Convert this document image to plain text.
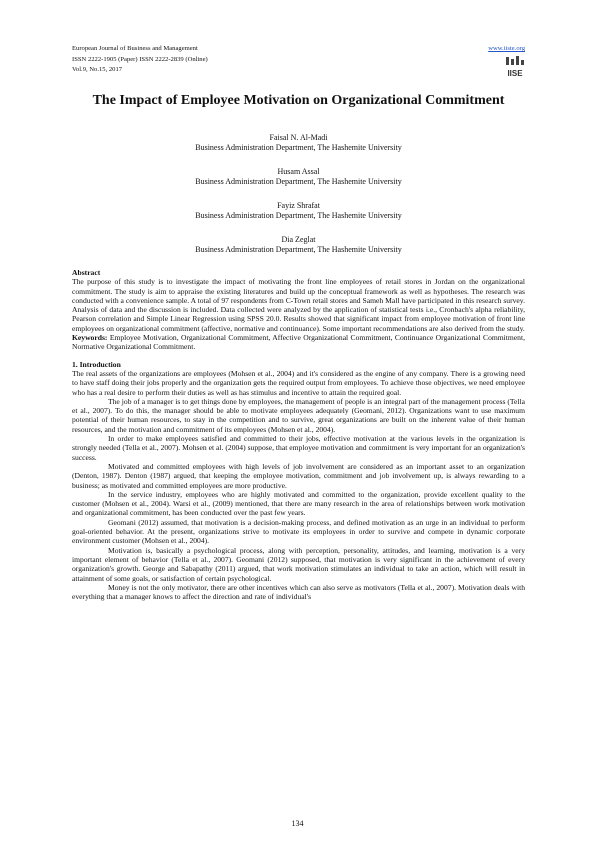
European Journal of Business and Management
ISSN 2222-1905 (Paper) ISSN 2222-2839 (Online)
Vol.9, No.15, 2017
www.iiste.org
IISE
The Impact of Employee Motivation on Organizational Commitment
Faisal N. Al-Madi
Business Administration Department, The Hashemite University
Husam Assal
Business Administration Department, The Hashemite University
Fayiz Shrafat
Business Administration Department, The Hashemite University
Dia Zeglat
Business Administration Department, The Hashemite University

Abstract

The purpose of this study is to investigate the impact of motivating the front line employees of retail stores in Jordan on the organizational commitment. The study is aim to appraise the existing literatures and build up the conceptual framework as well as hypotheses. The research was conducted with a convenience sample. A total of 97 respondents from C-Town retail stores and Sameh Mall have participated in this research survey. Analysis of data and the discussion is included. Data collected were analyzed by the application of statistical tests i.e., Cronbach's alpha reliability, Pearson correlation and Simple Linear Regression using SPSS 20.0. Results showed that significant impact from employee motivation of front line employees on organizational commitment (affective, normative and continuance). Some important recommendations are also derived from the study.

Keywords: Employee Motivation, Organizational Commitment, Affective Organizational Commitment, Continuance Organizational Commitment, Normative Organizational Commitment.

1. Introduction

The real assets of the organizations are employees (Mohsen et al., 2004) and it's considered as the engine of any company. There is a growing need to have staff doing their jobs properly and the organization gets the required output from employees. To achieve those objectives, we need employee who has a real desire to perform their duties as well as has stimulus and incentive to attain the required goal.

The job of a manager is to get things done by employees, the management of people is an integral part of the management process (Tella et al., 2007). To do this, the manager should be able to motivate employees adequately (Geomani, 2012). Organizations want to use maximum potential of their human resources, to stay in the competition and to survive, great organizations are built on the inherent value of their human resources, and the motivation and commitment of its employees (Mohsen et al., 2004).

In order to make employees satisfied and committed to their jobs, effective motivation at the various levels in the organization is strongly needed (Tella et al., 2007). Mohsen et al. (2004) suppose, that employee motivation and commitment is very important for an organization's success.

Motivated and committed employees with high levels of job involvement are considered as an important asset to an organization (Denton, 1987). Denton (1987) argued, that keeping the employee motivation, commitment and job involvement up, is always rewarding to a business; as motivated and committed employees are more productive.

In the service industry, employees who are highly motivated and committed to the organization, provide excellent quality to the customer (Mohsen et al., 2004). Warsi et al., (2009) mentioned, that there are many research in the area of relationships between work motivation and organizational commitment, has been conducted over the past few years.

Geomani (2012) assumed, that motivation is a decision-making process, and defined motivation as an urge in an individual to perform goal-oriented behavior. At the present, organizations strive to motivate its employees in order to survive and compete in dynamic corporate environment customer (Mohsen et al., 2004).

Motivation is, basically a psychological process, along with perception, personality, attitudes, and learning, motivation is a very important element of behavior (Tella et al., 2007). Geomani (2012) supposed, that motivation is very significant in the achievement of every organization's growth. George and Sabapathy (2011) argued, that work motivation stimulates an individual to take an action, which will result in attainment of some goals, or satisfaction of certain psychological.

Money is not the only motivator, there are other incentives which can also serve as motivators (Tella et al., 2007). Motivation deals with everything that a manager knows to affect the direction and rate of individual's

134
